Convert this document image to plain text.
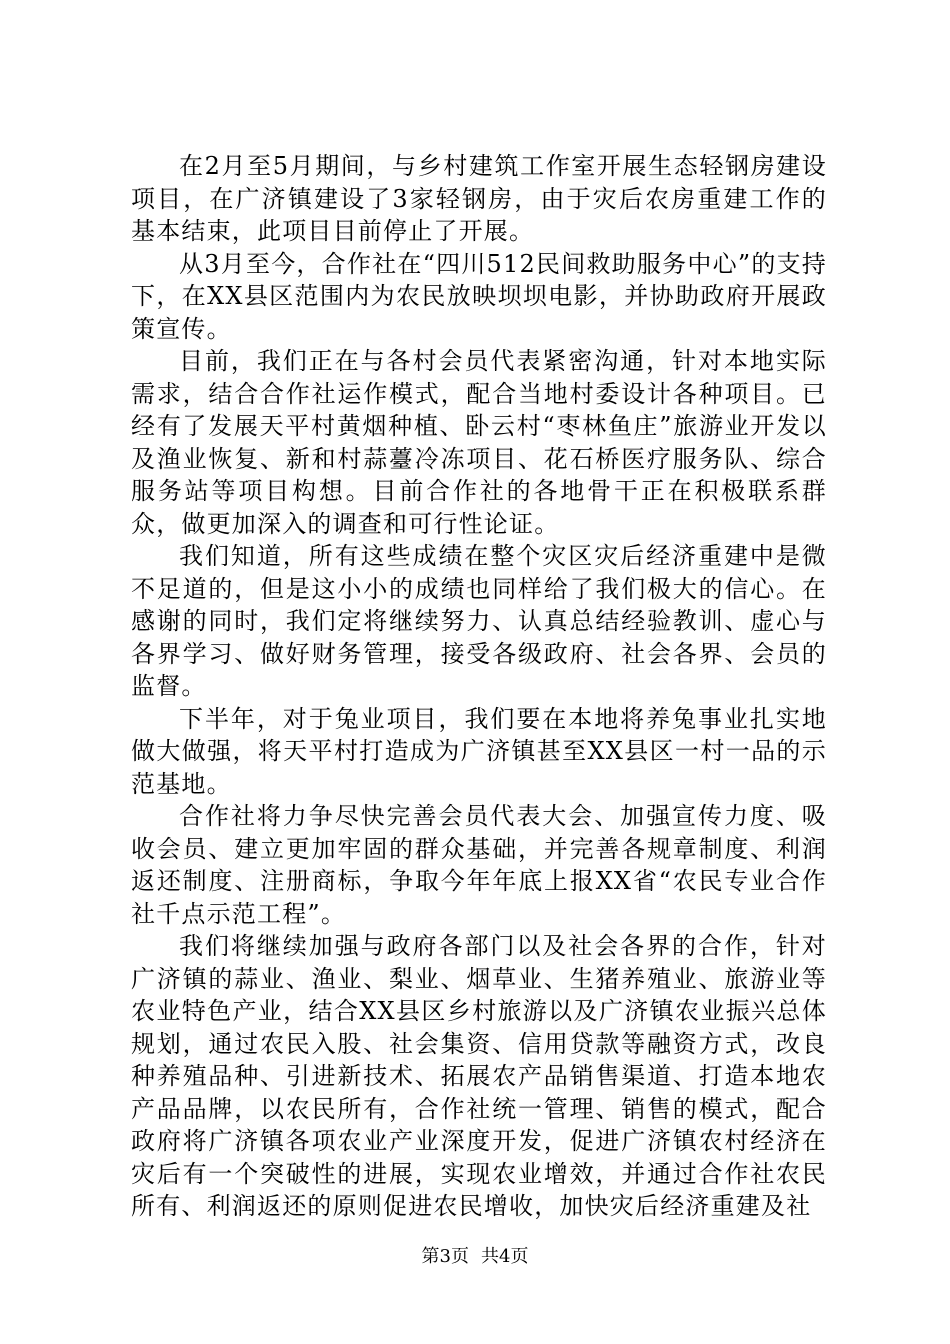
在2月至5月期间，与乡村建筑工作室开展生态轻钢房建设项目，在广济镇建设了3家轻钢房，由于灾后农房重建工作的基本结束，此项目目前停止了开展。

从3月至今，合作社在“四川512民间救助服务中心”的支持下，在XX县区范围内为农民放映坝坝电影，并协助政府开展政策宣传。

目前，我们正在与各村会员代表紧密沟通，针对本地实际需求，结合合作社运作模式，配合当地村委设计各种项目。已经有了发展天平村黄烟种植、卧云村“枣林鱼庄”旅游业开发以及渔业恢复、新和村蒜薹冷冻项目、花石桥医疗服务队、综合服务站等项目构想。目前合作社的各地骨干正在积极联系群众，做更加深入的调查和可行性论证。

我们知道，所有这些成绩在整个灾区灾后经济重建中是微不足道的，但是这小小的成绩也同样给了我们极大的信心。在感谢的同时，我们定将继续努力、认真总结经验教训、虚心与各界学习、做好财务管理，接受各级政府、社会各界、会员的监督。

下半年，对于兔业项目，我们要在本地将养兔事业扎实地做大做强，将天平村打造成为广济镇甚至XX县区一村一品的示范基地。

合作社将力争尽快完善会员代表大会、加强宣传力度、吸收会员、建立更加牢固的群众基础，并完善各规章制度、利润返还制度、注册商标，争取今年年底上报XX省“农民专业合作社千点示范工程”。

我们将继续加强与政府各部门以及社会各界的合作，针对广济镇的蒜业、渔业、梨业、烟草业、生猪养殖业、旅游业等农业特色产业，结合XX县区乡村旅游以及广济镇农业振兴总体规划，通过农民入股、社会集资、信用贷款等融资方式，改良种养殖品种、引进新技术、拓展农产品销售渠道、打造本地农产品品牌，以农民所有，合作社统一管理、销售的模式，配合政府将广济镇各项农业产业深度开发，促进广济镇农村经济在灾后有一个突破性的进展，实现农业增效，并通过合作社农民所有、利润返还的原则促进农民增收，加快灾后经济重建及社

第3页 共4页
